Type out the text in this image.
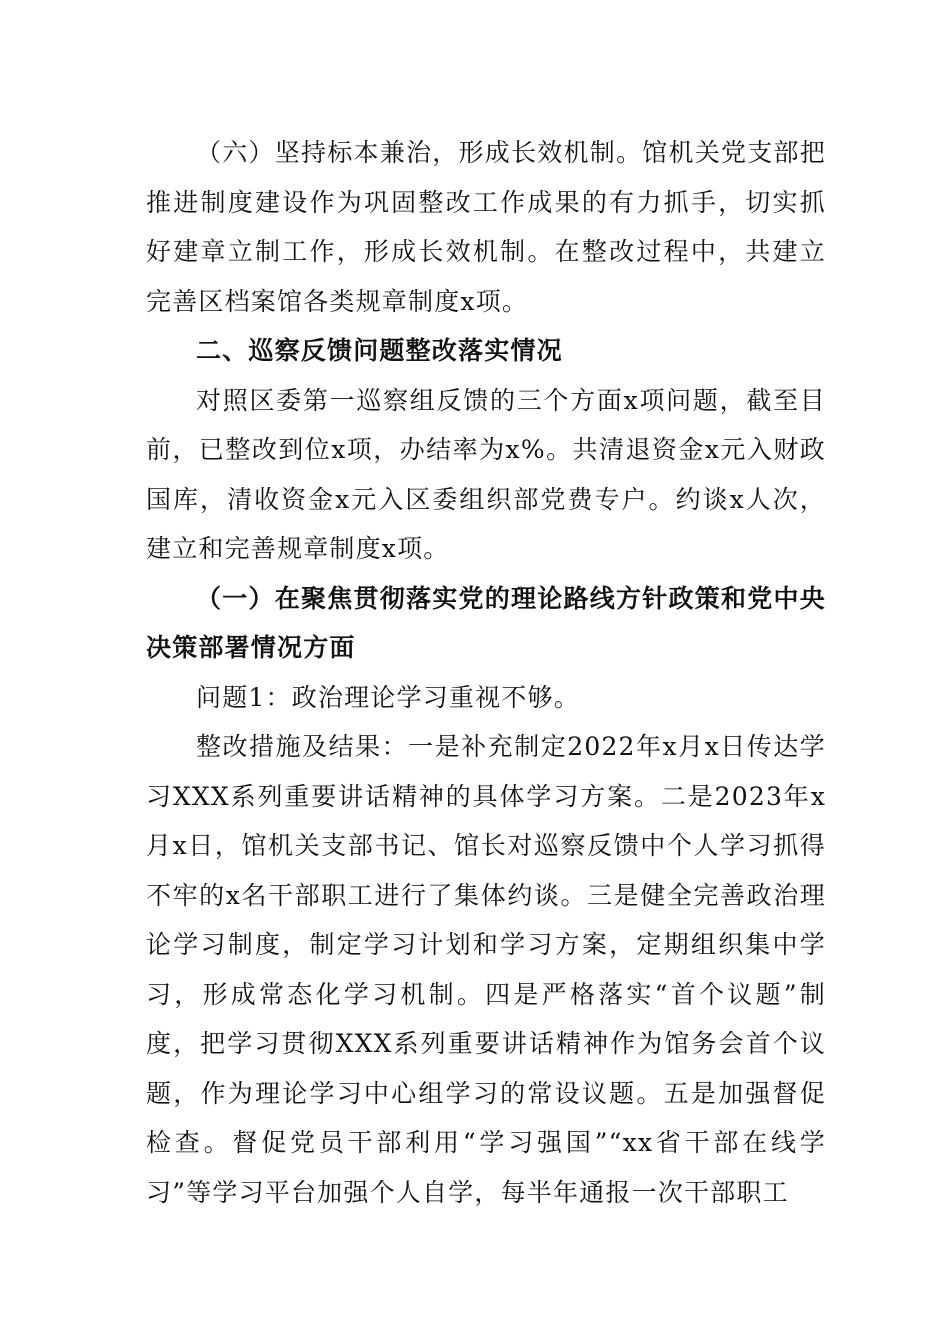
（六）坚持标本兼治，形成长效机制。馆机关党支部把推进制度建设作为巩固整改工作成果的有力抓手，切实抓好建章立制工作，形成长效机制。在整改过程中，共建立完善区档案馆各类规章制度x项。

二、巡察反馈问题整改落实情况

对照区委第一巡察组反馈的三个方面x项问题，截至目前，已整改到位x项，办结率为x%。共清退资金x元入财政国库，清收资金x元入区委组织部党费专户。约谈x人次，建立和完善规章制度x项。

（一）在聚焦贯彻落实党的理论路线方针政策和党中央决策部署情况方面

问题1：政治理论学习重视不够。

整改措施及结果：一是补充制定2022年x月x日传达学习XXX系列重要讲话精神的具体学习方案。二是2023年x月x日，馆机关支部书记、馆长对巡察反馈中个人学习抓得不牢的x名干部职工进行了集体约谈。三是健全完善政治理论学习制度，制定学习计划和学习方案，定期组织集中学习，形成常态化学习机制。四是严格落实“首个议题”制度，把学习贯彻XXX系列重要讲话精神作为馆务会首个议题，作为理论学习中心组学习的常设议题。五是加强督促检查。督促党员干部利用“学习强国”“xx省干部在线学习”等学习平台加强个人自学，每半年通报一次干部职工
